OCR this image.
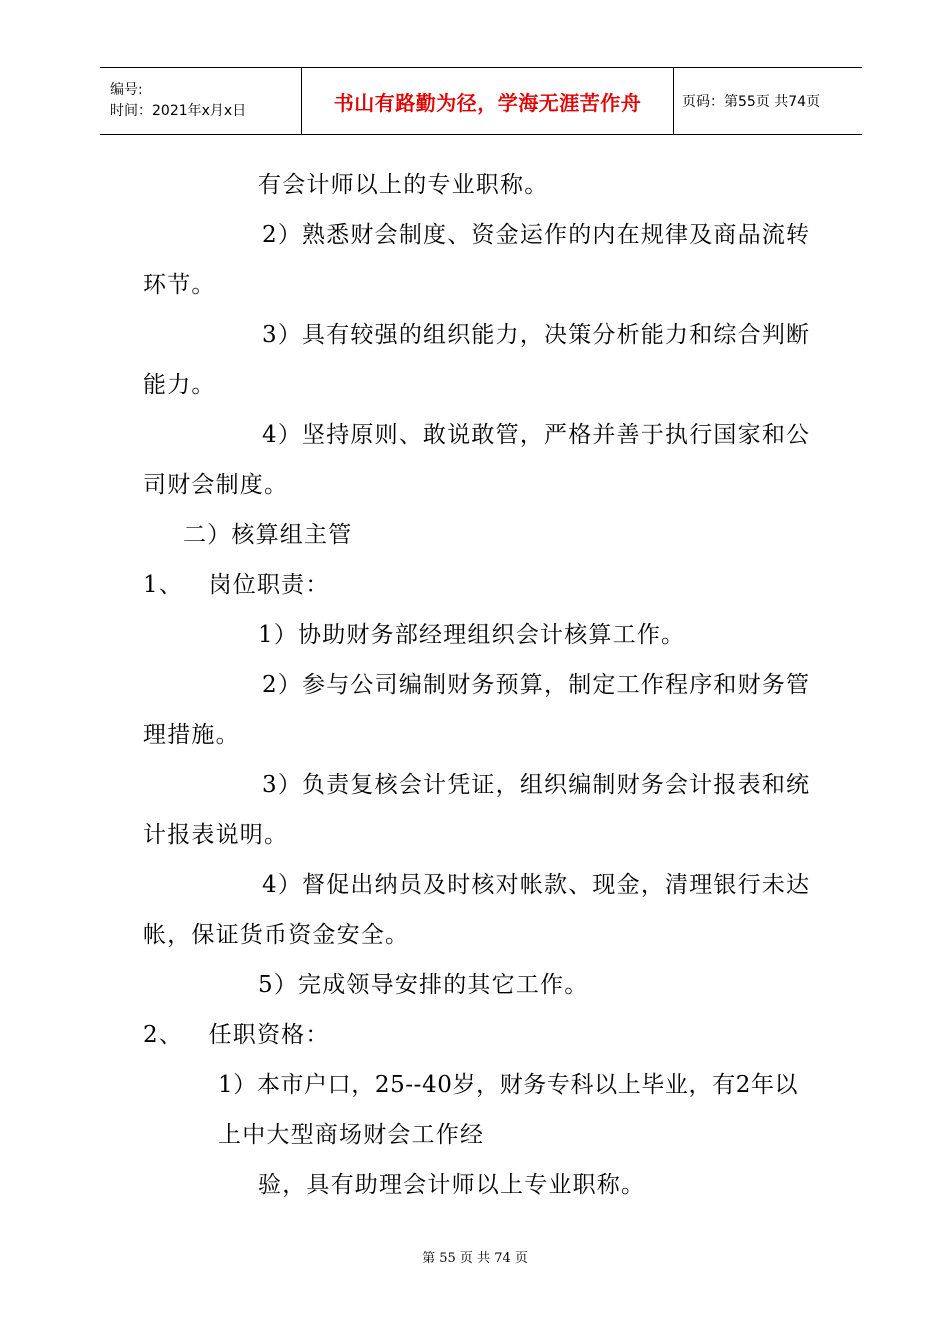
编号:
时间：2021年x月x日	书山有路勤为径，学海无涯苦作舟	页码：第55页 共74页
有会计师以上的专业职称。
2）熟悉财会制度、资金运作的内在规律及商品流转
环节。
3）具有较强的组织能力，决策分析能力和综合判断
能力。
4）坚持原则、敢说敢管，严格并善于执行国家和公
司财会制度。
二）核算组主管
1、   岗位职责：
1）协助财务部经理组织会计核算工作。
2）参与公司编制财务预算，制定工作程序和财务管
理措施。
3）负责复核会计凭证，组织编制财务会计报表和统
计报表说明。
4）督促出纳员及时核对帐款、现金，清理银行未达
帐，保证货币资金安全。
5）完成领导安排的其它工作。
2、   任职资格：
1）本市户口，25--40岁，财务专科以上毕业，有2年以
上中大型商场财会工作经
验，具有助理会计师以上专业职称。
第 55 页 共 74 页
